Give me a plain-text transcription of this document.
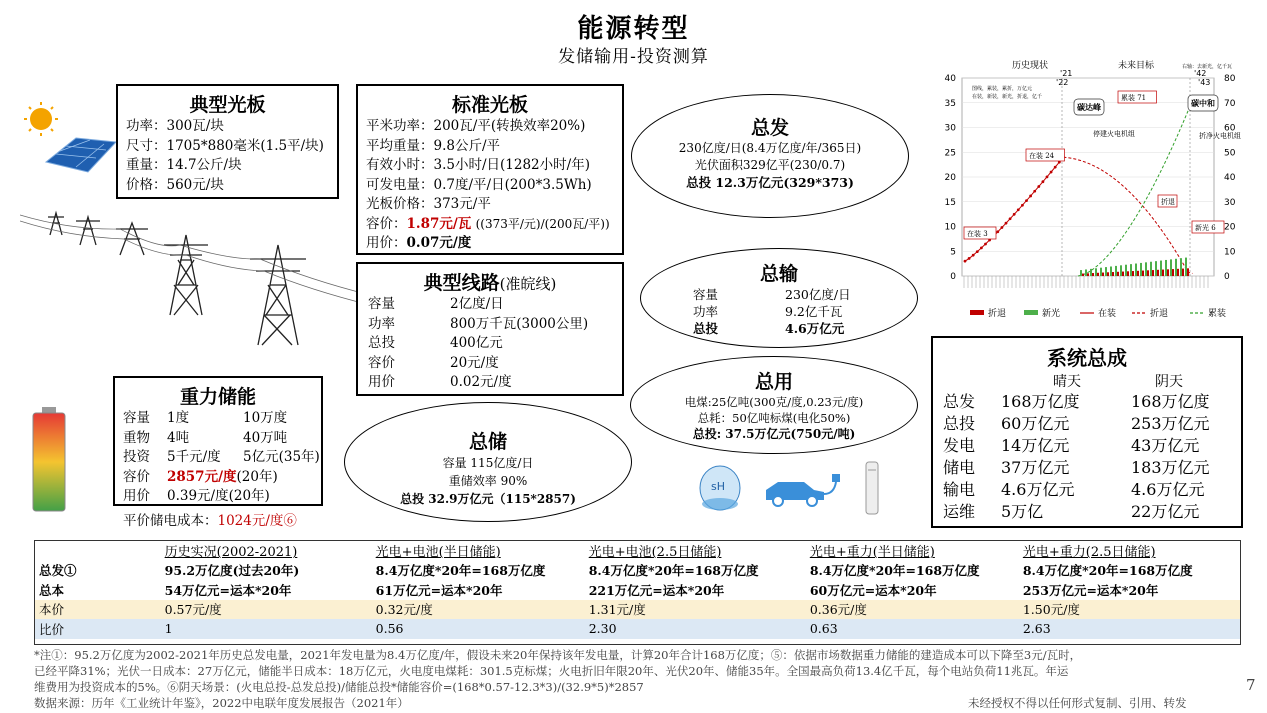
能源转型
发储输用-投资测算
典型光板
功率：300瓦/块
尺寸：1705*880毫米(1.5平/块)
重量：14.7公斤/块
价格：560元/块
标准光板
平米功率：200瓦/平(转换效率20%)
平均重量：9.8公斤/平
有效小时：3.5小时/日(1282小时/年)
可发电量：0.7度/平/日(200*3.5Wh)
光板价格：373元/平
容价：1.87元/瓦 ((373平/元)/(200瓦/平))
用价：0.07元/度
典型线路(准皖线)
容量	2亿度/日
功率	800万千瓦(3000公里)
总投	400亿元
容价	20元/度
用价	0.02元/度
重力储能
容量 1度	10万度
重物 4吨	40万吨
投资 5千元/度 5亿元(35年)
容价 2857元/度(20年)
用价 0.39元/度(20年)
平价储电成本：1024元/度⑥
总发
230亿度/日(8.4万亿度/年/365日)
光伏面积329亿平(230/0.7)
总投 12.3万亿元(329*373)
总输
容量	230亿度/日
功率	9.2亿千瓦
总投	4.6万亿元
总用
电煤:25亿吨(300克/度,0.23元/度)
总耗：50亿吨标煤(电化50%)
总投: 37.5万亿元(750元/吨)
总储
容量 115亿度/日
重储效率 90%
总投 32.9万亿元（115*2857)
sH
0
5
10
15
20
25
30
35
40
0
10
20
30
40
50
60
70
80
'21
'22
'42
'43
历史现状	未来目标	右轴：去新光，亿千瓦
图线，累装，累折，万亿元
在装，新装，新光，折退，亿千
碳达峰	碳中和
累装 71
在装 24
在装 3
折退
新光 6
停建火电机组	折净火电机组
折退	新光	在装	折退	累装
系统总成
晴天	阴天
总发 168万亿度	168万亿度
总投 60万亿元	253万亿元
发电 14万亿元	43万亿元
储电 37万亿元	183万亿元
输电 4.6万亿元	4.6万亿元
运维 5万亿	22万亿元
	历史实况(2002-2021)	光电+电池(半日储能)	光电+电池(2.5日储能)	光电+重力(半日储能)	光电+重力(2.5日储能)
总发①	95.2万亿度(过去20年)	8.4万亿度*20年=168万亿度	8.4万亿度*20年=168万亿度	8.4万亿度*20年=168万亿度	8.4万亿度*20年=168万亿度
总本	54万亿元=运本*20年	61万亿元=运本*20年	221万亿元=运本*20年	60万亿元=运本*20年	253万亿元=运本*20年
本价	0.57元/度	0.32元/度	1.31元/度	0.36元/度	1.50元/度
比价	1	0.56	2.30	0.63	2.63
*注①：95.2万亿度为2002-2021年历史总发电量，2021年发电量为8.4万亿度/年，假设未来20年保持该年发电量，计算20年合计168万亿度；⑤：依据市场数据重力储能的建造成本可以下降至3元/瓦时，
已经平降31%；光伏一日成本：27万亿元，储能半日成本：18万亿元，火电度电煤耗：301.5克标煤；火电折旧年限20年、光伏20年、储能35年。全国最高负荷13.4亿千瓦，每个电站负荷11兆瓦。年运
维费用为投资成本的5%。⑥阴天场景：(火电总投-总发总投)/储能总投*储能容价=(168*0.57-12.3*3)/(32.9*5)*2857
数据来源：历年《工业统计年鉴》，2022中电联年度发展报告（2021年）	未经授权不得以任何形式复制、引用、转发
7
